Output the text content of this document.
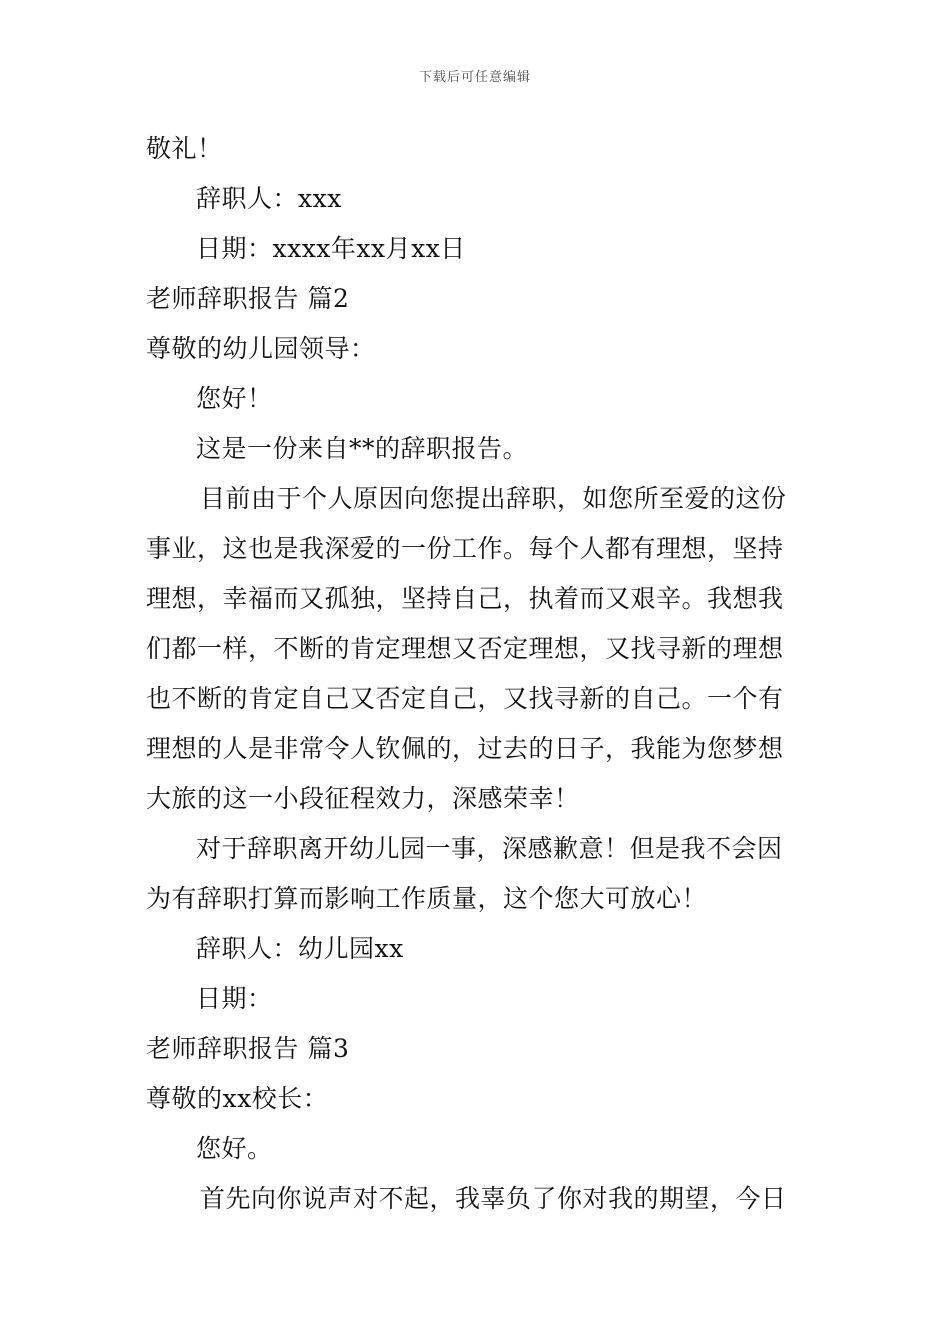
下载后可任意编辑
敬礼！
辞职人：xxx
日期：xxxx年xx月xx日
老师辞职报告 篇2
尊敬的幼儿园领导：
您好！
这是一份来自**的辞职报告。
目前由于个人原因向您提出辞职，如您所至爱的这份
事业，这也是我深爱的一份工作。每个人都有理想，坚持
理想，幸福而又孤独，坚持自己，执着而又艰辛。我想我
们都一样，不断的肯定理想又否定理想，又找寻新的理想
也不断的肯定自己又否定自己，又找寻新的自己。一个有
理想的人是非常令人钦佩的，过去的日子，我能为您梦想
大旅的这一小段征程效力，深感荣幸！
对于辞职离开幼儿园一事，深感歉意！但是我不会因
为有辞职打算而影响工作质量，这个您大可放心！
辞职人：幼儿园xx
日期：
老师辞职报告 篇3
尊敬的xx校长：
您好。
首先向你说声对不起，我辜负了你对我的期望，今日
